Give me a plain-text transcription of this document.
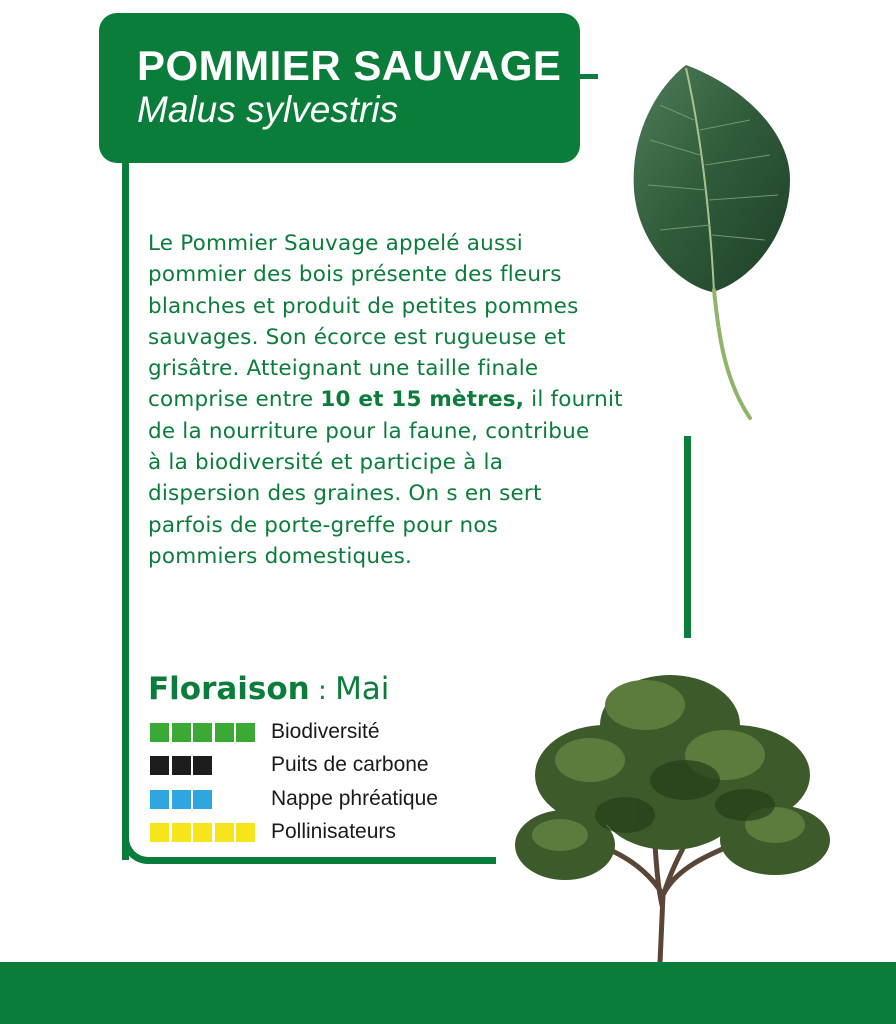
POMMIER SAUVAGE

Malus sylvestris

Le Pommier Sauvage appelé aussi
pommier des bois présente des fleurs
blanches et produit de petites pommes
sauvages. Son écorce est rugueuse et
grisâtre. Atteignant une taille finale
comprise entre 10 et 15 mètres, il fournit
de la nourriture pour la faune, contribue
à la biodiversité et participe à la
dispersion des graines. On s en sert
parfois de porte-greffe pour nos
pommiers domestiques.
Floraison : Mai
Biodiversité
Puits de carbone
Nappe phréatique
Pollinisateurs
